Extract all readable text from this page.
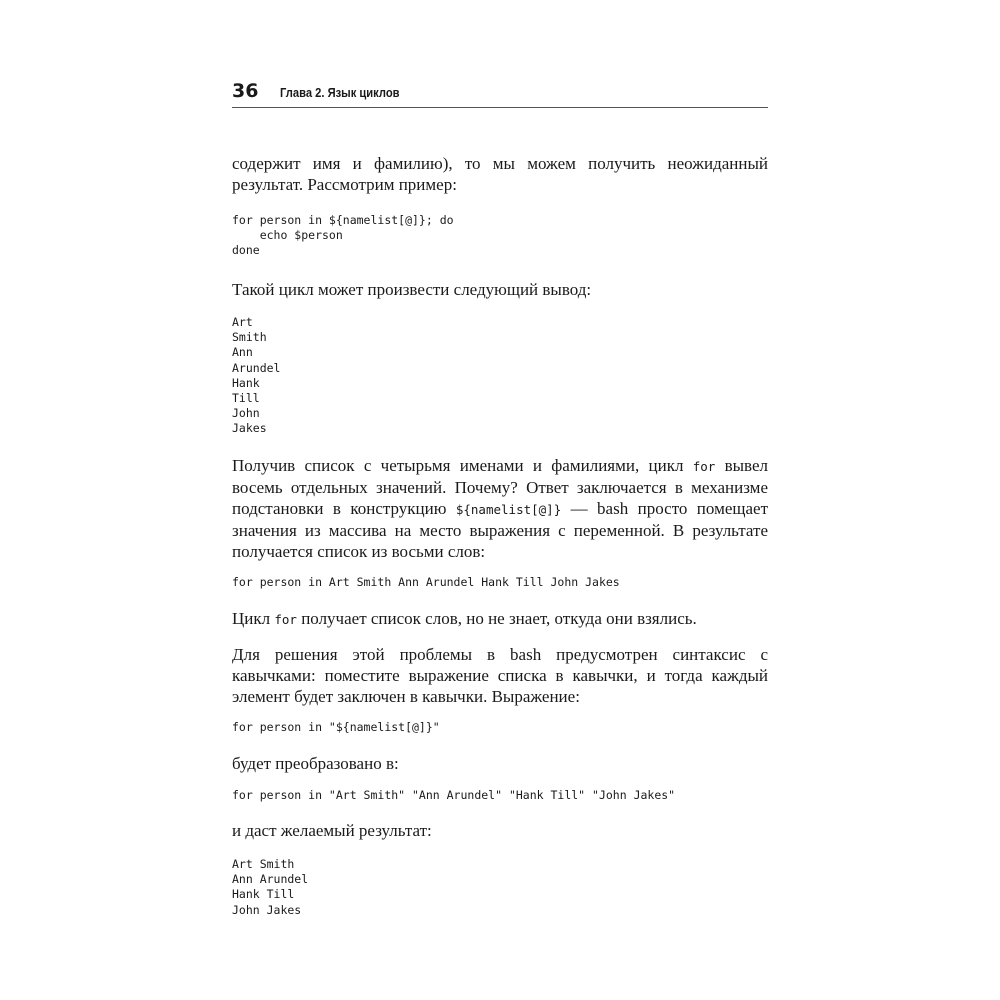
36 Глава 2. Язык циклов

содержит имя и фамилию), то мы можем получить неожиданный

результат. Рассмотрим пример:

for person in ${namelist[@]}; do
echo $person
done

Такой цикл может произвести следующий вывод:

Art
Smith
Ann
Arundel
Hank
Till
John
Jakes

Получив список с четырьмя именами и фамилиями, цикл for вывел восемь отдельных значений. Почему? Ответ заключается в механизме подстановки в конструкцию ${namelist[@]} — bash просто помещает значения из массива на место выражения с переменной. В результате получается список из восьми слов:

for person in Art Smith Ann Arundel Hank Till John Jakes

Цикл for получает список слов, но не знает, откуда они взялись.

Для решения этой проблемы в bash предусмотрен синтаксис с кавычками: поместите выражение списка в кавычки, и тогда каждый элемент будет заключен в кавычки. Выражение:

for person in "${namelist[@]}"

будет преобразовано в:

for person in "Art Smith" "Ann Arundel" "Hank Till" "John Jakes"

и даст желаемый результат:

Art Smith
Ann Arundel
Hank Till
John Jakes
